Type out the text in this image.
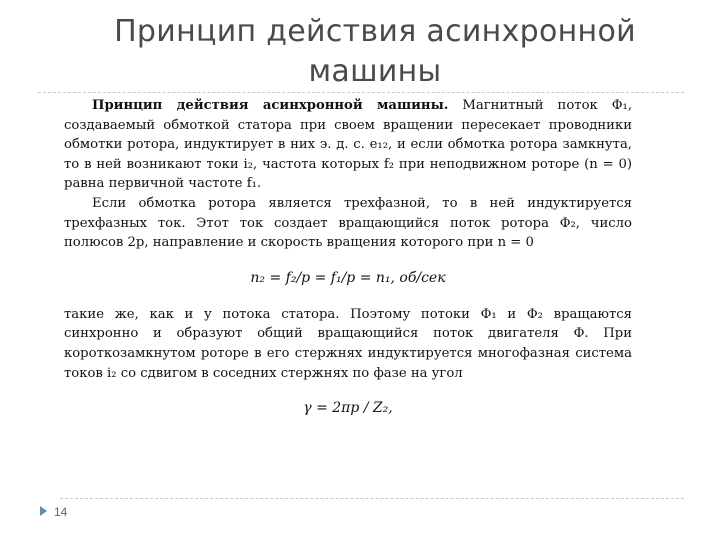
Принцип действия асинхронной машины

Принцип действия асинхронной машины. Магнитный поток Φ₁, создаваемый обмоткой статора при своем вращении пересекает проводники обмотки ротора, индуктирует в них э. д. с. e₁₂, и если обмотка ротора замкнута, то в ней возникают токи i₂, частота которых f₂ при неподвижном роторе (n = 0) равна первичной частоте f₁.

Если обмотка ротора является трехфазной, то в ней индуктируется трехфазных ток. Этот ток создает вращающийся поток ротора Φ₂, число полюсов 2p, направление и скорость вращения которого при n = 0

n₂ = f₂/p = f₁/p = n₁, об/сек

такие же, как и у потока статора. Поэтому потоки Φ₁ и Φ₂ вращаются синхронно и образуют общий вращающийся поток двигателя Φ. При короткозамкнутом роторе в его стержнях индуктируется многофазная система токов i₂ со сдвигом в соседних стержнях по фазе на угол

γ = 2πp / Z₂,

14
